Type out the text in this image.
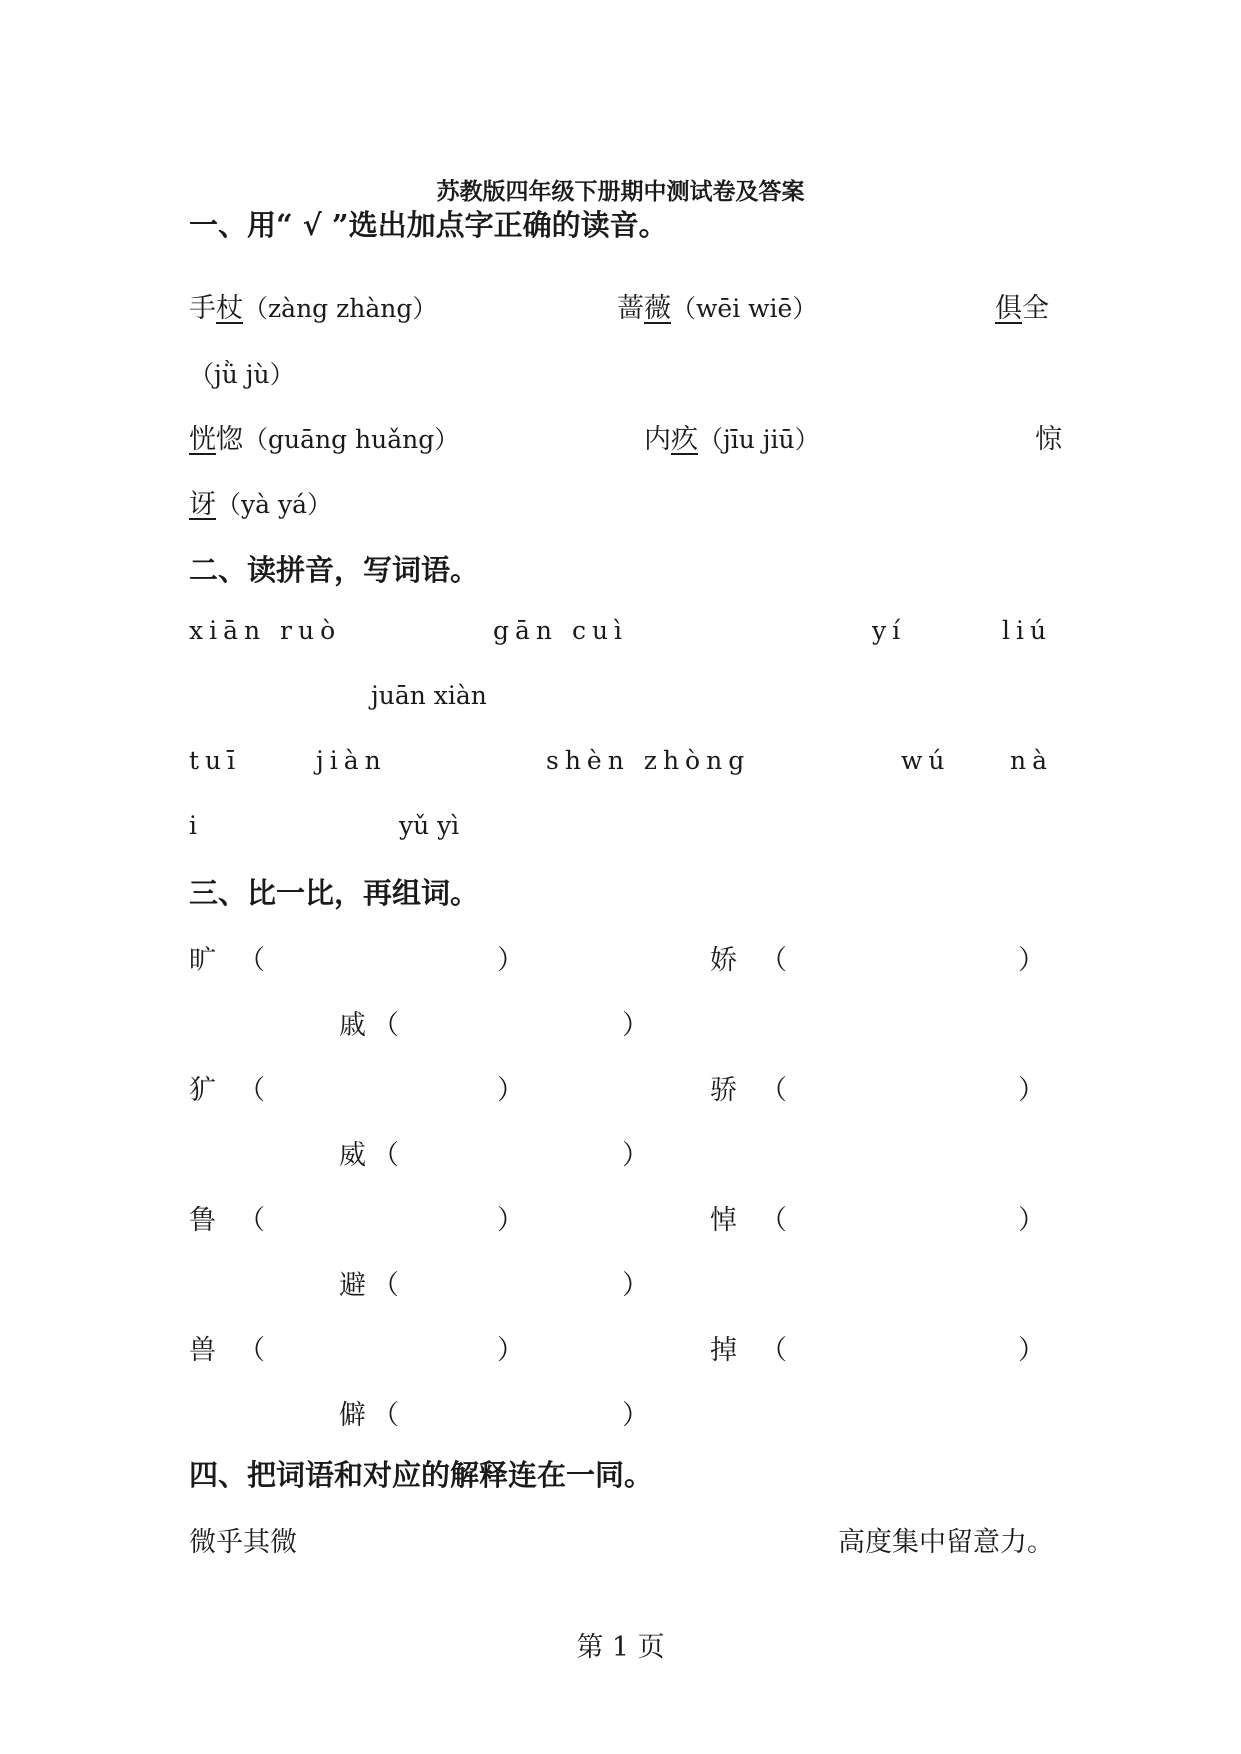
苏教版四年级下册期中测试卷及答案
一、用“ √ ”选出加点字正确的读音。
手杖（zàng zhàng）	蔷薇（wēi wiē）	俱全
（jǜ jù）
恍惚（guāng huǎng）	内疚（jīu jiū）	惊
讶（yà yá）
二、读拼音，写词语。
xiān ruò	gān cuì	yí	liú
juān xiàn
tuī	jiàn	shèn zhòng	wú nà
i	yǔ yì
三、比一比，再组词。
旷 （	）	娇 （	）
戚 （	）
犷 （	）	骄 （	）
威 （	）
鲁 （	）	悼 （	）
避 （	）
兽 （	）	掉 （	）
僻 （	）
四、把词语和对应的解释连在一同。
微乎其微	高度集中留意力。
第 1 页
